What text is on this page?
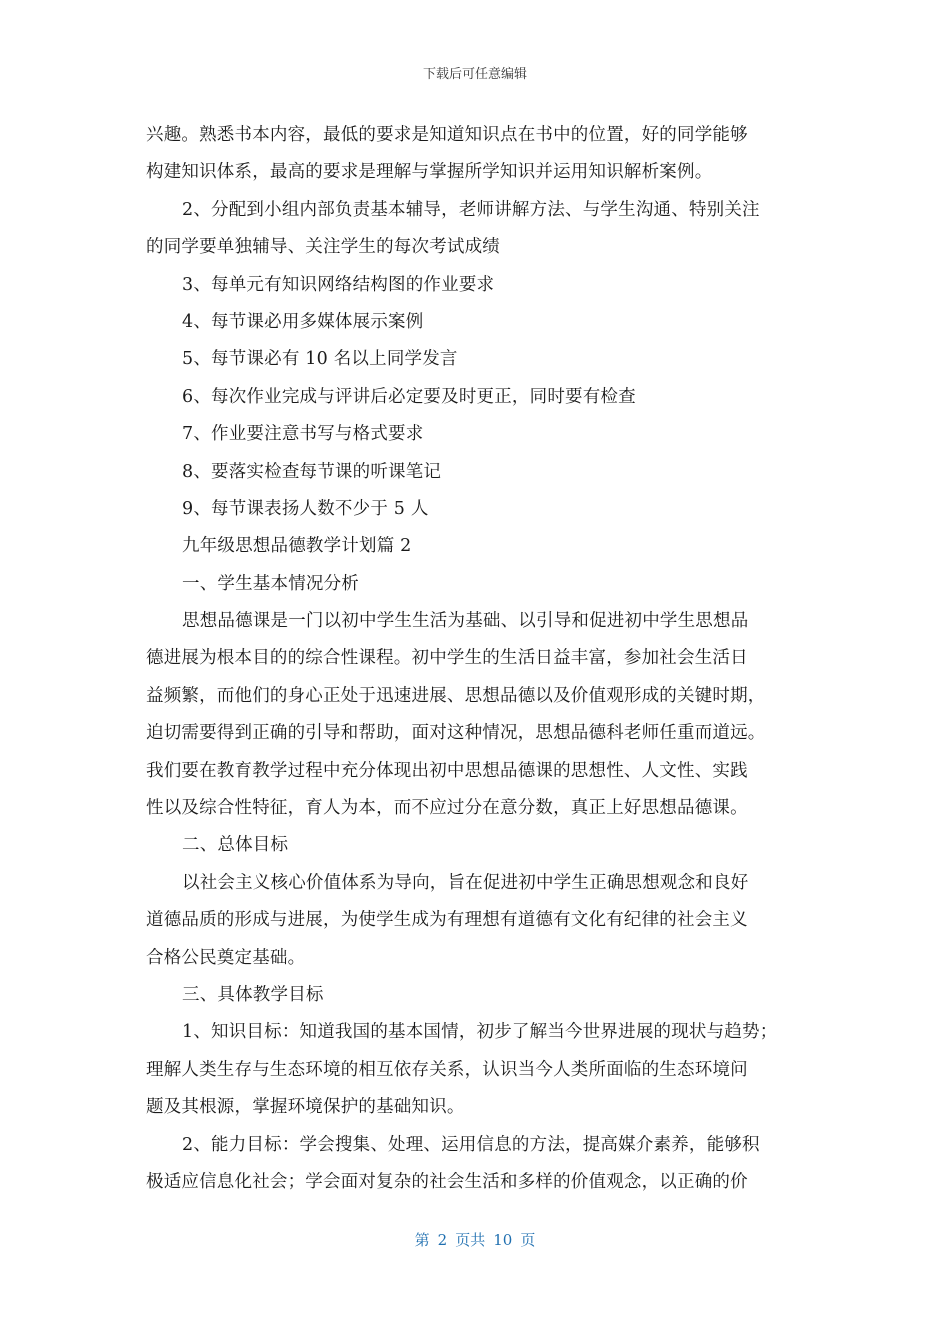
下载后可任意编辑
兴趣。熟悉书本内容，最低的要求是知道知识点在书中的位置，好的同学能够
构建知识体系，最高的要求是理解与掌握所学知识并运用知识解析案例。
2、分配到小组内部负责基本辅导，老师讲解方法、与学生沟通、特别关注
的同学要单独辅导、关注学生的每次考试成绩
3、每单元有知识网络结构图的作业要求
4、每节课必用多媒体展示案例
5、每节课必有 10 名以上同学发言
6、每次作业完成与评讲后必定要及时更正，同时要有检查
7、作业要注意书写与格式要求
8、要落实检查每节课的听课笔记
9、每节课表扬人数不少于 5 人
九年级思想品德教学计划篇 2
一、学生基本情况分析
思想品德课是一门以初中学生生活为基础、以引导和促进初中学生思想品
德进展为根本目的的综合性课程。初中学生的生活日益丰富，参加社会生活日
益频繁，而他们的身心正处于迅速进展、思想品德以及价值观形成的关键时期，
迫切需要得到正确的引导和帮助，面对这种情况，思想品德科老师任重而道远。
我们要在教育教学过程中充分体现出初中思想品德课的思想性、人文性、实践
性以及综合性特征，育人为本，而不应过分在意分数，真正上好思想品德课。
二、总体目标
以社会主义核心价值体系为导向，旨在促进初中学生正确思想观念和良好
道德品质的形成与进展，为使学生成为有理想有道德有文化有纪律的社会主义
合格公民奠定基础。
三、具体教学目标
1、知识目标：知道我国的基本国情，初步了解当今世界进展的现状与趋势；
理解人类生存与生态环境的相互依存关系，认识当今人类所面临的生态环境问
题及其根源，掌握环境保护的基础知识。
2、能力目标：学会搜集、处理、运用信息的方法，提高媒介素养，能够积
极适应信息化社会；学会面对复杂的社会生活和多样的价值观念，以正确的价
第 2 页共 10 页
